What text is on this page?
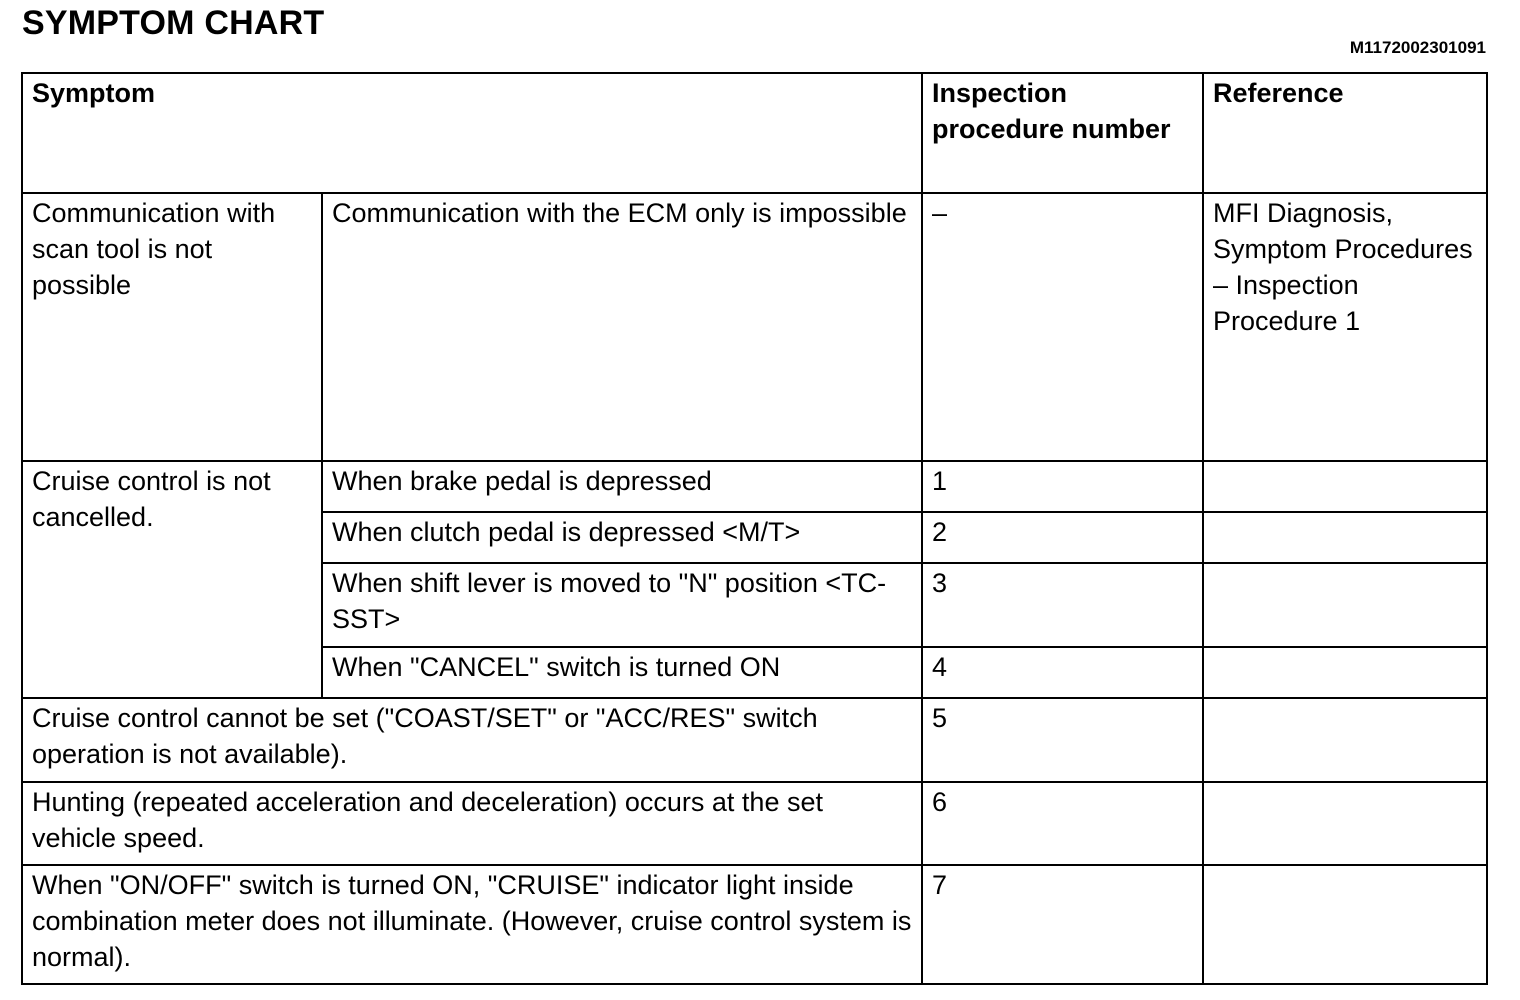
SYMPTOM CHART
M1172002301091
Symptom		Inspection procedure number	Reference
Communication with scan tool is not possible	Communication with the ECM only is impossible	–	MFI Diagnosis, Symptom Procedures – Inspection Procedure 1
Cruise control is not cancelled.	When brake pedal is depressed	1	
	When clutch pedal is depressed <M/T>	2	
	When shift lever is moved to "N" position <TC-SST>	3	
	When "CANCEL" switch is turned ON	4	
Cruise control cannot be set ("COAST/SET" or "ACC/RES" switch operation is not available).		5	
Hunting (repeated acceleration and deceleration) occurs at the set vehicle speed.		6	
When "ON/OFF" switch is turned ON, "CRUISE" indicator light inside combination meter does not illuminate. (However, cruise control system is normal).		7	
